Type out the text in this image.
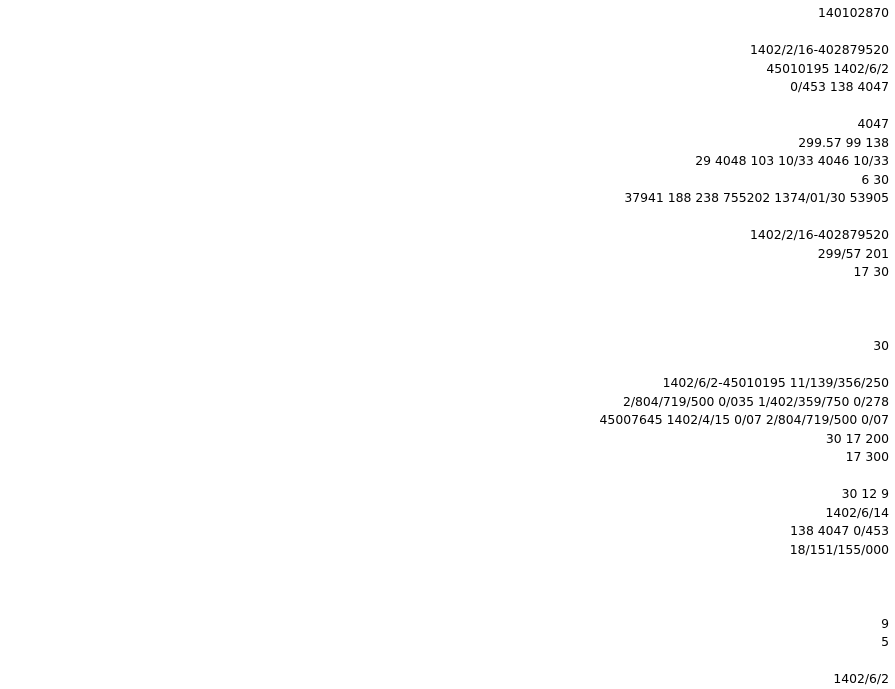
140102870
1402/2/16-402879520
1402/6/2 45010195
4047 138 0/453
4047
138 99 299.57
10/33 4046 10/33 103 4048 29
30 6
53905 1374/01/30 755202 238 188 37941
1402/2/16-402879520
201 299/57
30 17
30
11/139/356/250 1402/6/2-45010195
0/278 1/402/359/750 0/035 2/804/719/500
0/07 2/804/719/500 0/07 1402/4/15 45007645
200 17 30
300 17
9 12 30
1402/6/14
0/453 4047 138
18/151/155/000
9
5
1402/6/2
